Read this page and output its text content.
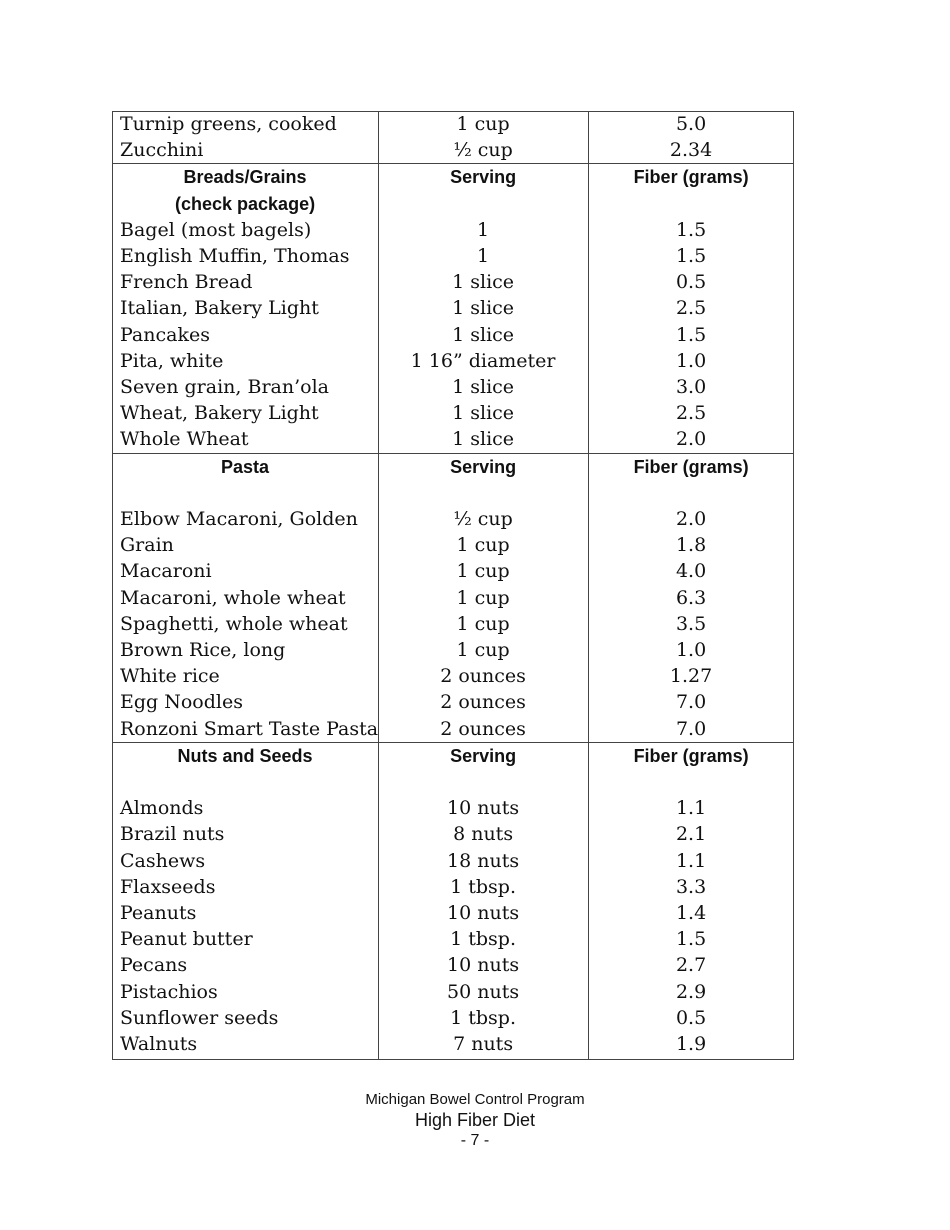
Turnip greens, cooked	1 cup	5.0
Zucchini	½ cup	2.34
Breads/Grains	Serving	Fiber (grams)
(check package)		
Bagel (most bagels)	1	1.5
English Muffin, Thomas	1	1.5
French Bread	1 slice	0.5
Italian, Bakery Light	1 slice	2.5
Pancakes	1 slice	1.5
Pita, white	1 16” diameter	1.0
Seven grain, Bran’ola	1 slice	3.0
Wheat, Bakery Light	1 slice	2.5
Whole Wheat	1 slice	2.0
Pasta	Serving	Fiber (grams)

Elbow Macaroni, Golden	½ cup	2.0
Grain	1 cup	1.8
Macaroni	1 cup	4.0
Macaroni, whole wheat	1 cup	6.3
Spaghetti, whole wheat	1 cup	3.5
Brown Rice, long	1 cup	1.0
White rice	2 ounces	1.27
Egg Noodles	2 ounces	7.0
Ronzoni Smart Taste Pasta	2 ounces	7.0
Nuts and Seeds	Serving	Fiber (grams)

Almonds	10 nuts	1.1
Brazil nuts	8 nuts	2.1
Cashews	18 nuts	1.1
Flaxseeds	1 tbsp.	3.3
Peanuts	10 nuts	1.4
Peanut butter	1 tbsp.	1.5
Pecans	10 nuts	2.7
Pistachios	50 nuts	2.9
Sunflower seeds	1 tbsp.	0.5
Walnuts	7 nuts	1.9
Michigan Bowel Control Program
High Fiber Diet
- 7 -
